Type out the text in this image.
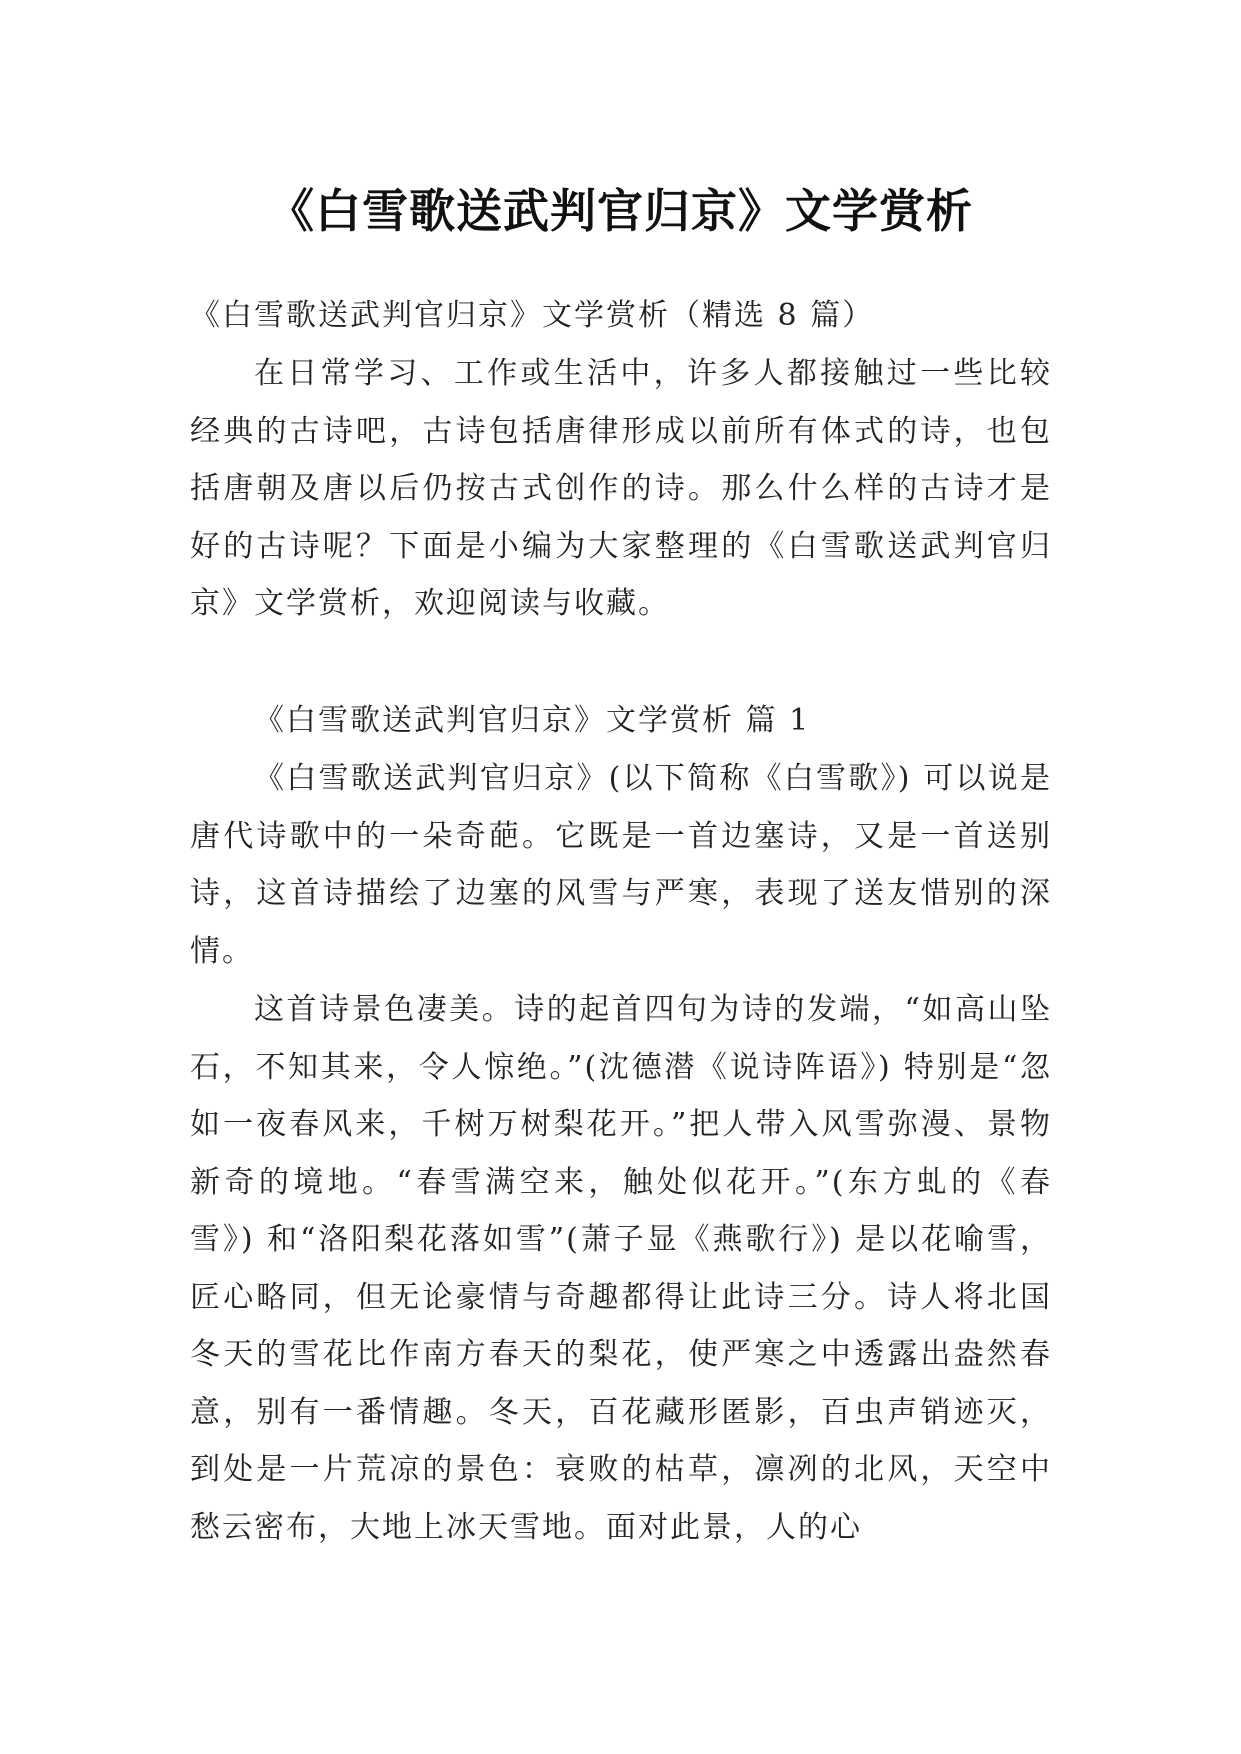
《白雪歌送武判官归京》文学赏析

《白雪歌送武判官归京》文学赏析（精选 8 篇）

在日常学习、工作或生活中，许多人都接触过一些比较经典的古诗吧，古诗包括唐律形成以前所有体式的诗，也包括唐朝及唐以后仍按古式创作的诗。那么什么样的古诗才是好的古诗呢？下面是小编为大家整理的《白雪歌送武判官归京》文学赏析，欢迎阅读与收藏。

《白雪歌送武判官归京》文学赏析 篇 1

《白雪歌送武判官归京》(以下简称《白雪歌》) 可以说是唐代诗歌中的一朵奇葩。它既是一首边塞诗，又是一首送别诗，这首诗描绘了边塞的风雪与严寒，表现了送友惜别的深情。

这首诗景色凄美。诗的起首四句为诗的发端，“如高山坠石，不知其来，令人惊绝。”(沈德潜《说诗阵语》) 特别是“忽如一夜春风来，千树万树梨花开。”把人带入风雪弥漫、景物新奇的境地。“春雪满空来，触处似花开。”(东方虬的《春雪》) 和“洛阳梨花落如雪”(萧子显《燕歌行》) 是以花喻雪，匠心略同，但无论豪情与奇趣都得让此诗三分。诗人将北国冬天的雪花比作南方春天的梨花，使严寒之中透露出盎然春意，别有一番情趣。冬天，百花藏形匿影，百虫声销迹灭，到处是一片荒凉的景色：衰败的枯草，凛冽的北风，天空中愁云密布，大地上冰天雪地。面对此景，人的心
